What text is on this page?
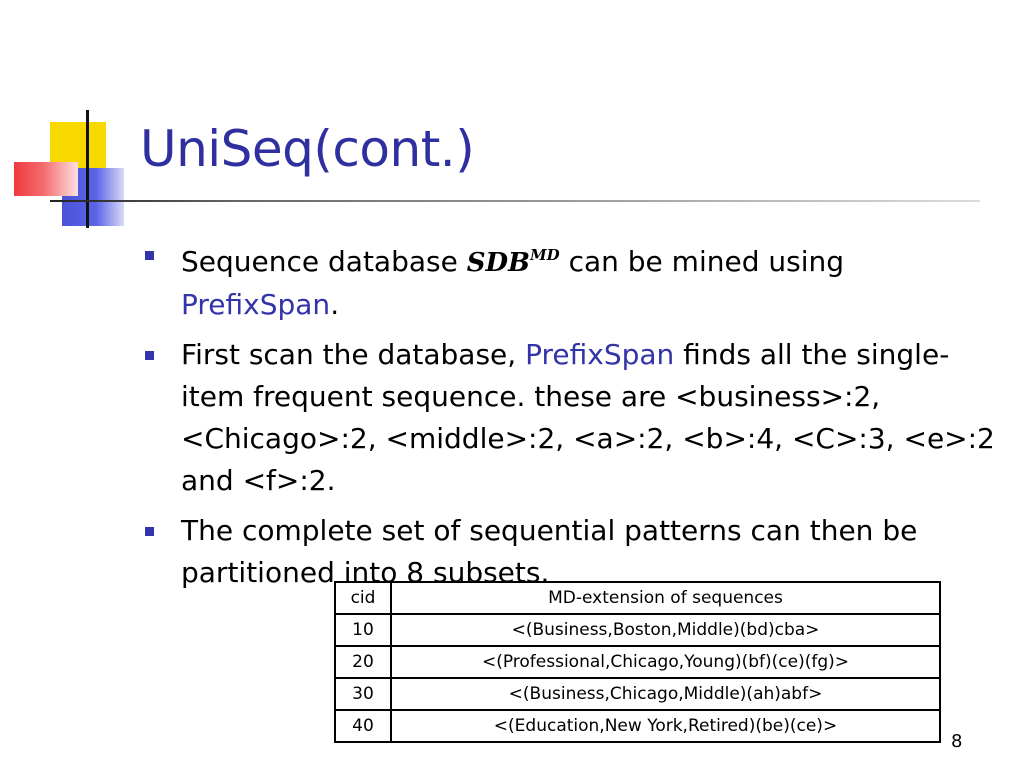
UniSeq(cont.)
Sequence database $SDB^{MD}$ can be mined using
PrefixSpan.
First scan the database, PrefixSpan finds all the single-item frequent sequence. these are <business>:2, <Chicago>:2, <middle>:2, <a>:2, <b>:4, <C>:3, <e>:2 and <f>:2.
The complete set of sequential patterns can then be partitioned into 8 subsets.
cid	MD-extension of sequences
10	<(Business,Boston,Middle)(bd)cba>
20	<(Professional,Chicago,Young)(bf)(ce)(fg)>
30	<(Business,Chicago,Middle)(ah)abf>
40	<(Education,New York,Retired)(be)(ce)>
8
